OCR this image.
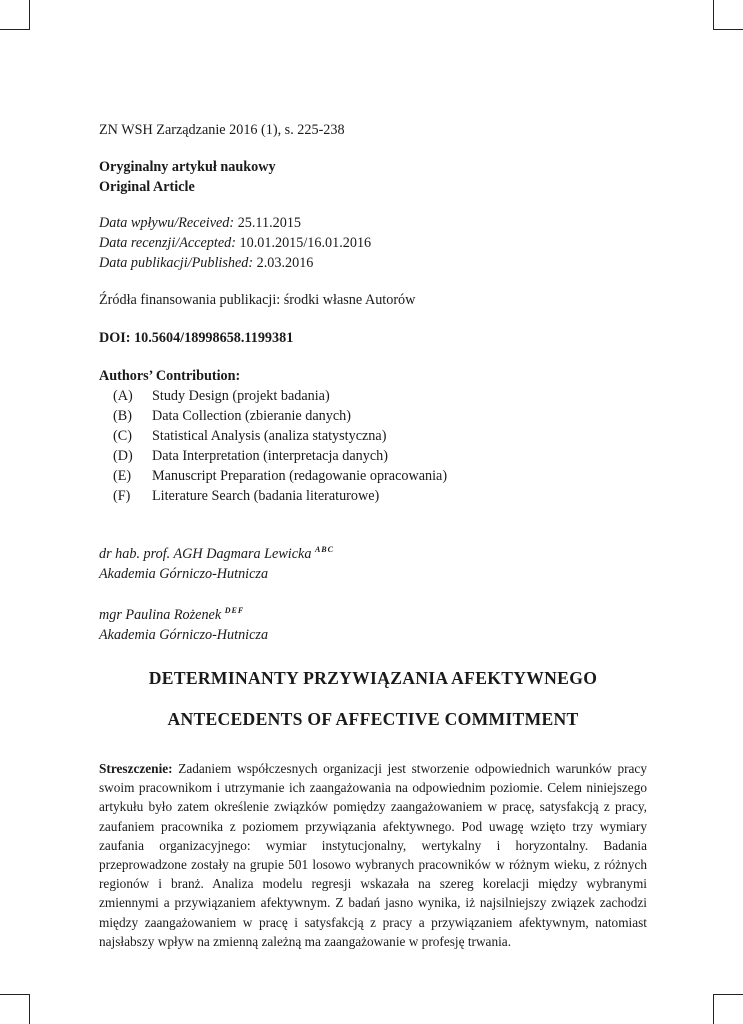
ZN WSH Zarządzanie 2016 (1), s. 225-238
Oryginalny artykuł naukowy
Original Article
Data wpływu/Received: 25.11.2015
Data recenzji/Accepted: 10.01.2015/16.01.2016
Data publikacji/Published: 2.03.2016
Źródła finansowania publikacji: środki własne Autorów
DOI: 10.5604/18998658.1199381
Authors’ Contribution:
(A)	Study Design (projekt badania)
(B)	Data Collection (zbieranie danych)
(C)	Statistical Analysis (analiza statystyczna)
(D)	Data Interpretation (interpretacja danych)
(E)	Manuscript Preparation (redagowanie opracowania)
(F)	Literature Search (badania literaturowe)
dr hab. prof. AGH Dagmara Lewicka $^{ABC}$
Akademia Górniczo-Hutnicza
mgr Paulina Rożenek $^{DEF}$
Akademia Górniczo-Hutnicza
DETERMINANTY PRZYWIĄZANIA AFEKTYWNEGO
ANTECEDENTS OF AFFECTIVE COMMITMENT
Streszczenie: Zadaniem współczesnych organizacji jest stworzenie odpowiednich warunków pracy swoim pracownikom i utrzymanie ich zaangażowania na odpowiednim poziomie. Celem niniejszego artykułu było zatem określenie związków pomiędzy zaangażowaniem w pracę, satysfakcją z pracy, zaufaniem pracownika z poziomem przywiązania afektywnego. Pod uwagę wzięto trzy wymiary zaufania organizacyjnego: wymiar instytucjonalny, wertykalny i horyzontalny. Badania przeprowadzone zostały na grupie 501 losowo wybranych pracowników w różnym wieku, z różnych regionów i branż. Analiza modelu regresji wskazała na szereg korelacji między wybranymi zmiennymi a przywiązaniem afektywnym. Z badań jasno wynika, iż najsilniejszy związek zachodzi między zaangażowaniem w pracę i satysfakcją z pracy a przywiązaniem afektywnym, natomiast najsłabszy wpływ na zmienną zależną ma zaangażowanie w profesję trwania.
